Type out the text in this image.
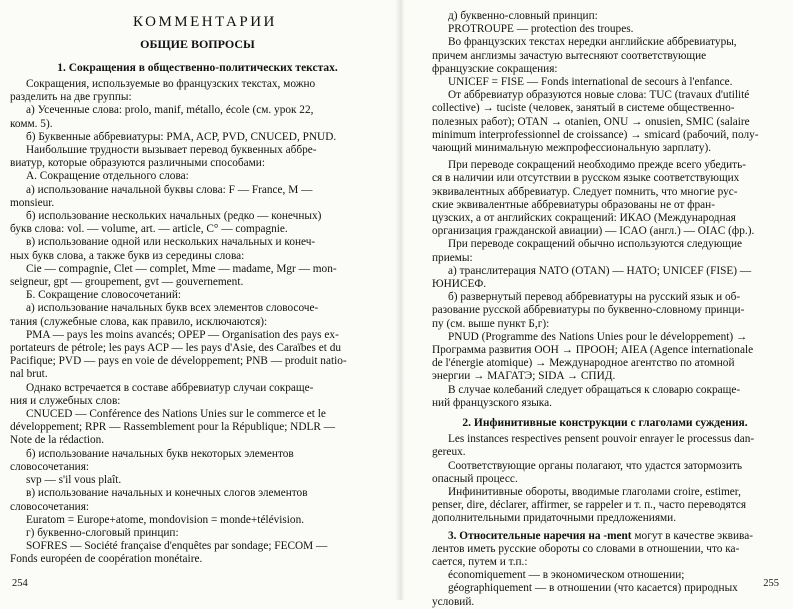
КОММЕНТАРИИ
ОБЩИЕ ВОПРОСЫ
1. Сокращения в общественно-политических текстах.

Сокращения, используемые во французских текстах, можно

разделить на две группы:

а) Усеченные слова: prolo, manif, métallo, école (см. урок 22,

комм. 5).

б) Буквенные аббревиатуры: PMA, ACP, PVD, CNUCED, PNUD.

Наибольшие трудности вызывает перевод буквенных аббре-

виатур, которые образуются различными способами:

А. Сокращение отдельного слова:

а) использование начальной буквы слова: F — France, M —

monsieur.

б) использование нескольких начальных (редко — конечных)

букв слова: vol. — volume, art. — article, C° — compagnie.

в) использование одной или нескольких начальных и конеч-

ных букв слова, а также букв из середины слова:

Cie — compagnie, Clet — complet, Mme — madame, Mgr — mon-

seigneur, gpt — groupement, gvt — gouvernement.

Б. Сокращение словосочетаний:

а) использование начальных букв всех элементов словосоче-

тания (служебные слова, как правило, исключаются):

PMA — pays les moins avancés; OPEP — Organisation des pays ex-

portateurs de pétrole; les pays ACP — les pays d'Asie, des Caraïbes et du

Pacifique; PVD — pays en voie de développement; PNB — produit natio-

nal brut.

Однако встречается в составе аббревиатур случаи сокраще-

ния и служебных слов:

CNUCED — Conférence des Nations Unies sur le commerce et le

développement; RPR — Rassemblement pour la République; NDLR —

Note de la rédaction.

б) использование начальных букв некоторых элементов

словосочетания:

svp — s'il vous plaît.

в) использование начальных и конечных слогов элементов

словосочетания:

Euratom = Europe+atome, mondovision = monde+télévision.

г) буквенно-слоговый принцип:

SOFRES — Société française d'enquêtes par sondage; FECOM —

Fonds européen de coopération monétaire.

254

д) буквенно-словный принцип:

PROTROUPE — protection des troupes.

Во французских текстах нередки английские аббревиатуры,

причем англизмы зачастую вытесняют соответствующие

французские сокращения:

UNICEF = FISE — Fonds international de secours à l'enfance.

От аббревиатур образуются новые слова: TUC (travaux d'utilité

collective) → tuciste (человек, занятый в системе общественно-

полезных работ); OTAN → otanien, ONU → onusien, SMIC (salaire

minimum interprofessionnel de croissance) → smicard (рабочий, полу-

чающий минимальную межпрофессиональную зарплату).

При переводе сокращений необходимо прежде всего убедить-

ся в наличии или отсутствии в русском языке соответствующих

эквивалентных аббревиатур. Следует помнить, что многие рус-

ские эквивалентные аббревиатуры образованы не от фран-

цузских, а от английских сокращений: ИКАО (Международная

организация гражданской авиации) — ICAO (англ.) — OIAC (фр.).

При переводе сокращений обычно используются следующие

приемы:

а) транслитерация NATO (OTAN) — НАТО; UNICEF (FISE) —

ЮНИСЕФ.

б) развернутый перевод аббревиатуры на русский язык и об-

разование русской аббревиатуры по буквенно-словному принци-

пу (см. выше пункт Б,г):

PNUD (Programme des Nations Unies pour le développement) →

Программа развития ООН → ПРООН; AIEA (Agence internationale

de l'énergie atomique) → Международное агентство по атомной

энергии → МАГАТЭ; SIDA → СПИД.

В случае колебаний следует обращаться к словарю сокраще-

ний французского языка.

2. Инфинитивные конструкции с глаголами суждения.

Les instances respectives pensent pouvoir enrayer le processus dan-

gereux.

Соответствующие органы полагают, что удастся затормозить

опасный процесс.

Инфинитивные обороты, вводимые глаголами croire, estimer,

penser, dire, déclarer, affirmer, se rappeler и т. п., часто переводятся

дополнительными придаточными предложениями.

3. Относительные наречия на -ment могут в качестве эквива-

лентов иметь русские обороты со словами в отношении, что ка-

сается, путем и т.п.:

économiquement — в экономическом отношении;

géographiquement — в отношении (что касается) природных

условий.

255
